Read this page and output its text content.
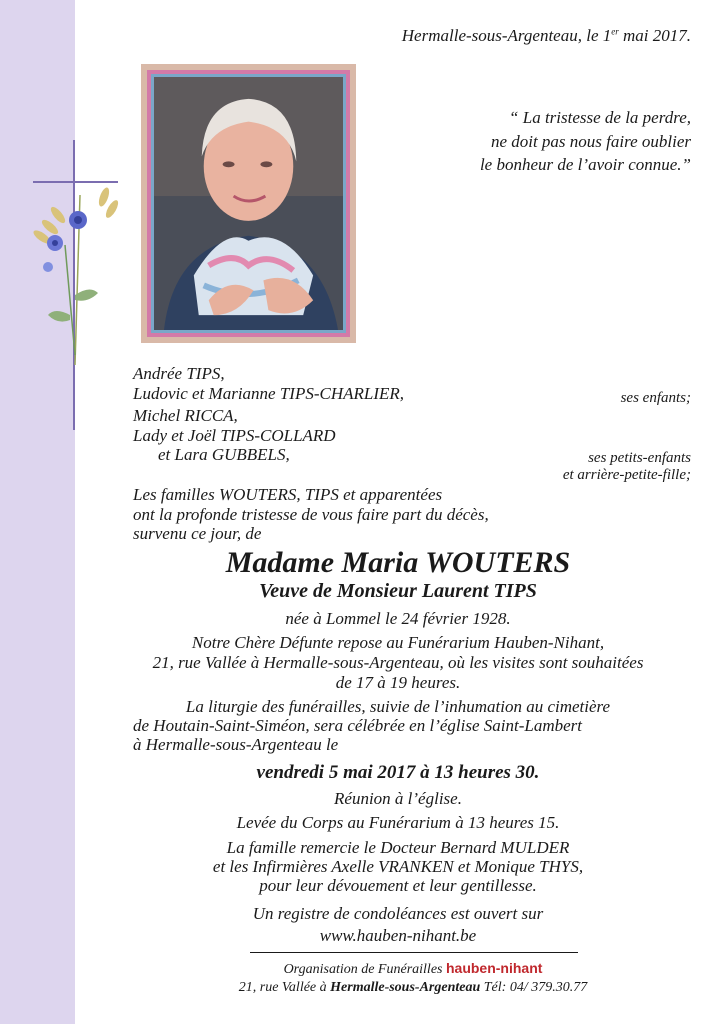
Hermalle-sous-Argenteau, le 1er mai 2017.
“ La tristesse de la perdre,
ne doit pas nous faire oublier
le bonheur de l’avoir connue.”
Andrée TIPS,
Ludovic et Marianne TIPS-CHARLIER,
Michel RICCA,
Lady et Joël TIPS-COLLARD
et Lara GUBBELS,
ses enfants;
ses petits-enfants
et arrière-petite-fille;
Les familles WOUTERS, TIPS et apparentées
ont la profonde tristesse de vous faire part du décès,
survenu ce jour, de
Madame Maria WOUTERS
Veuve de Monsieur Laurent TIPS
née à Lommel le 24 février 1928.
Notre Chère Défunte repose au Funérarium Hauben-Nihant,
21, rue Vallée à Hermalle-sous-Argenteau, où les visites sont souhaitées
de 17 à 19 heures.
La liturgie des funérailles, suivie de l’inhumation au cimetière
de Houtain-Saint-Siméon, sera célébrée en l’église Saint-Lambert
à Hermalle-sous-Argenteau le
vendredi 5 mai 2017 à 13 heures 30.
Réunion à l’église.
Levée du Corps au Funérarium à 13 heures 15.
La famille remercie le Docteur Bernard MULDER
et les Infirmières Axelle VRANKEN et Monique THYS,
pour leur dévouement et leur gentillesse.
Un registre de condoléances est ouvert sur
www.hauben-nihant.be
Organisation de Funérailles hauben-nihant
21, rue Vallée à Hermalle-sous-Argenteau Tél: 04/ 379.30.77
